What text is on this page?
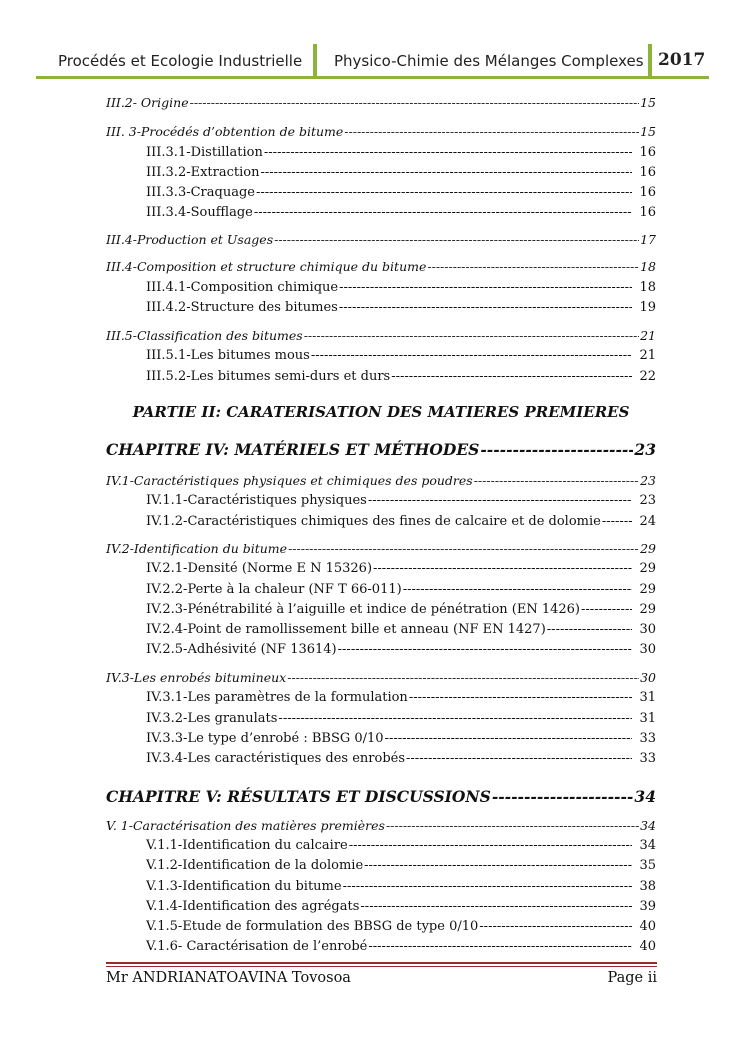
Procédés et Ecologie Industrielle Physico-Chimie des Mélanges Complexes 2017
III.2- Origine -----	15
III. 3-Procédés d’obtention de bitume -----	15
III.3.1-Distillation -----	16
III.3.2-Extraction -----	16
III.3.3-Craquage -----	16
III.3.4-Soufflage -----	16
III.4-Production et Usages -----	17
III.4-Composition et structure chimique du bitume -----	18
III.4.1-Composition chimique -----	18
III.4.2-Structure des bitumes -----	19
III.5-Classification des bitumes -----	21
III.5.1-Les bitumes mous -----	21
III.5.2-Les bitumes semi-durs et durs -----	22
PARTIE II: CARATERISATION DES MATIERES PREMIERES
CHAPITRE IV: MATÉRIELS ET MÉTHODES -----	23
IV.1-Caractéristiques physiques et chimiques des poudres -----	23
IV.1.1-Caractéristiques physiques -----	23
IV.1.2-Caractéristiques chimiques des fines de calcaire et de dolomie -----	24
IV.2-Identification du bitume -----	29
IV.2.1-Densité (Norme E N 15326) -----	29
IV.2.2-Perte à la chaleur (NF T 66-011) -----	29
IV.2.3-Pénétrabilité à l’aiguille et indice de pénétration (EN 1426) -----	29
IV.2.4-Point de ramollissement bille et anneau (NF EN 1427) -----	30
IV.2.5-Adhésivité (NF 13614) -----	30
IV.3-Les enrobés bitumineux -----	30
IV.3.1-Les paramètres de la formulation -----	31
IV.3.2-Les granulats -----	31
IV.3.3-Le type d’enrobé : BBSG 0/10 -----	33
IV.3.4-Les caractéristiques des enrobés -----	33
CHAPITRE V: RÉSULTATS ET DISCUSSIONS -----	34
V. 1-Caractérisation des matières premières -----	34
V.1.1-Identification du calcaire -----	34
V.1.2-Identification de la dolomie -----	35
V.1.3-Identification du bitume -----	38
V.1.4-Identification des agrégats -----	39
V.1.5-Etude de formulation des BBSG de type 0/10 -----	40
V.1.6- Caractérisation de l’enrobé -----	40
Mr ANDRIANATOAVINA Tovosoa	Page ii
